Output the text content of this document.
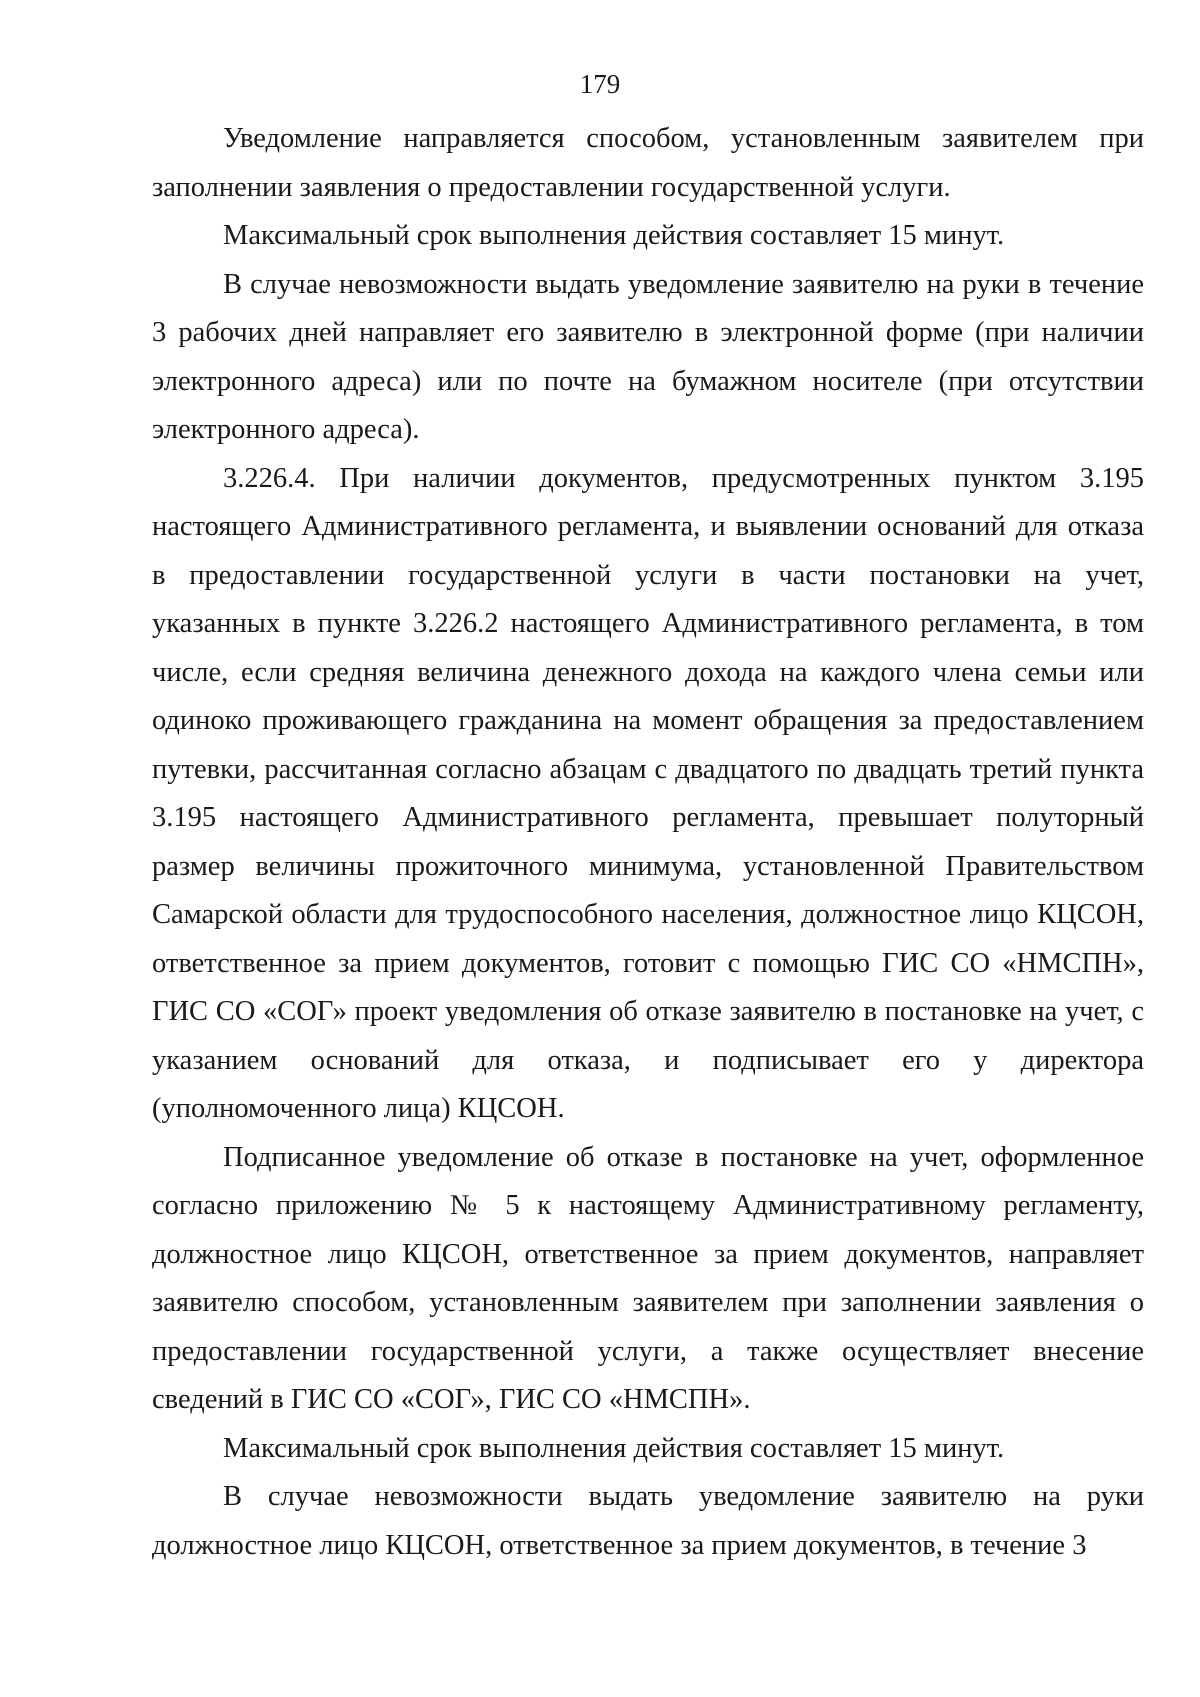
179

Уведомление направляется способом, установленным заявителем при заполнении заявления о предоставлении государственной услуги.

Максимальный срок выполнения действия составляет 15 минут.

В случае невозможности выдать уведомление заявителю на руки в течение 3 рабочих дней направляет его заявителю в электронной форме (при наличии электронного адреса) или по почте на бумажном носителе (при отсутствии электронного адреса).

3.226.4. При наличии документов, предусмотренных пунктом 3.195 настоящего Административного регламента, и выявлении оснований для отказа в предоставлении государственной услуги в части постановки на учет, указанных в пункте 3.226.2 настоящего Административного регламента, в том числе, если средняя величина денежного дохода на каждого члена семьи или одиноко проживающего гражданина на момент обращения за предоставлением путевки, рассчитанная согласно абзацам с двадцатого по двадцать третий пункта 3.195 настоящего Административного регламента, превышает полуторный размер величины прожиточного минимума, установленной Правительством Самарской области для трудоспособного населения, должностное лицо КЦСОН, ответственное за прием документов, готовит с помощью ГИС СО «НМСПН», ГИС СО «СОГ» проект уведомления об отказе заявителю в постановке на учет, с указанием оснований для отказа, и подписывает его у директора (уполномоченного лица) КЦСОН.

Подписанное уведомление об отказе в постановке на учет, оформленное согласно приложению № 5 к настоящему Административному регламенту, должностное лицо КЦСОН, ответственное за прием документов, направляет заявителю способом, установленным заявителем при заполнении заявления о предоставлении государственной услуги, а также осуществляет внесение сведений в ГИС СО «СОГ», ГИС СО «НМСПН».

Максимальный срок выполнения действия составляет 15 минут.

В случае невозможности выдать уведомление заявителю на руки должностное лицо КЦСОН, ответственное за прием документов, в течение 3
